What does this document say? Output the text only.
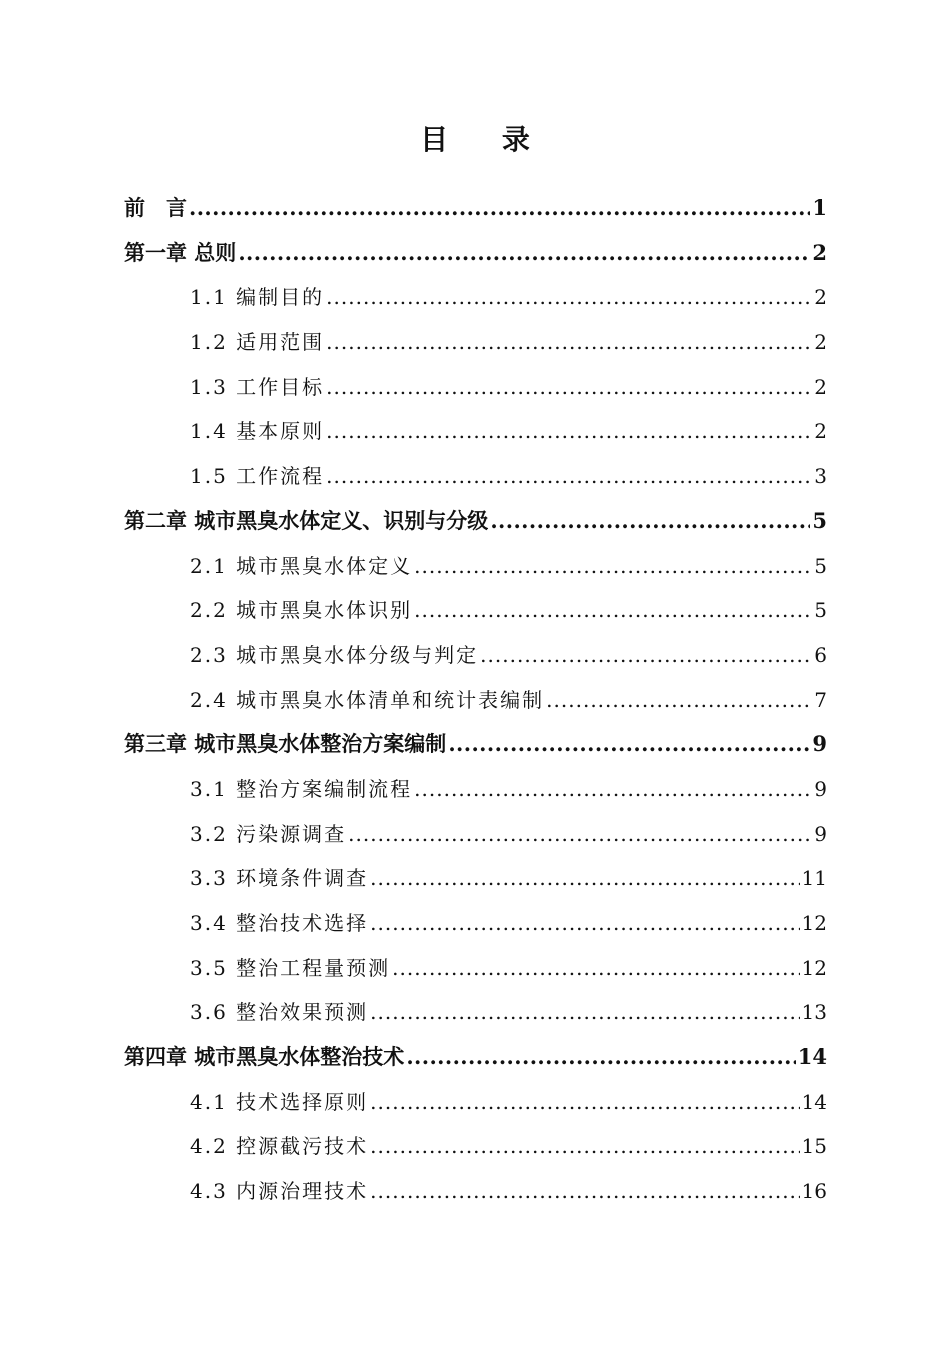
目 录
前　言 .....	1
第一章 总则 .....	2
1.1 编制目的 .....	2
1.2 适用范围 .....	2
1.3 工作目标 .....	2
1.4 基本原则 .....	2
1.5 工作流程 .....	3
第二章 城市黑臭水体定义、识别与分级 .....	5
2.1 城市黑臭水体定义 .....	5
2.2 城市黑臭水体识别 .....	5
2.3 城市黑臭水体分级与判定 .....	6
2.4 城市黑臭水体清单和统计表编制 .....	7
第三章 城市黑臭水体整治方案编制 .....	9
3.1 整治方案编制流程 .....	9
3.2 污染源调查 .....	9
3.3 环境条件调查 .....	11
3.4 整治技术选择 .....	12
3.5 整治工程量预测 .....	12
3.6 整治效果预测 .....	13
第四章 城市黑臭水体整治技术 .....	14
4.1 技术选择原则 .....	14
4.2 控源截污技术 .....	15
4.3 内源治理技术 .....	16
